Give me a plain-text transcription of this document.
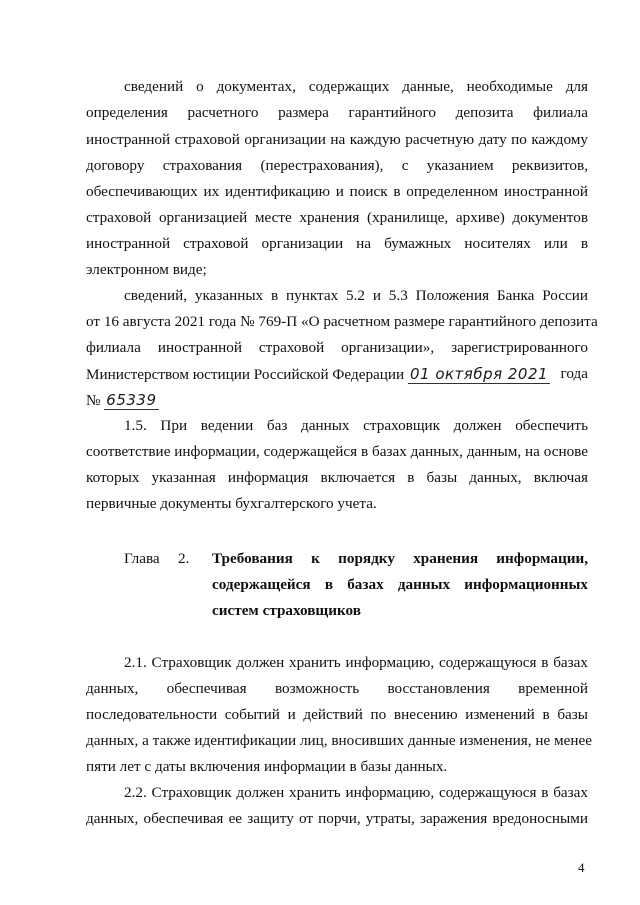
сведений о документах, содержащих данные, необходимые для
определения расчетного размера гарантийного депозита филиала
иностранной страховой организации на каждую расчетную дату по каждому
договору страхования (перестрахования), с указанием реквизитов,
обеспечивающих их идентификацию и поиск в определенном иностранной
страховой организацией месте хранения (хранилище, архиве) документов
иностранной страховой организации на бумажных носителях или в
электронном виде;
сведений, указанных в пунктах 5.2 и 5.3 Положения Банка России
от 16 августа 2021 года № 769-П «О расчетном размере гарантийного депозита
филиала иностранной страховой организации», зарегистрированного
Министерством юстиции Российской Федерации 01 октября 2021 года
№ 65339
1.5. При ведении баз данных страховщик должен обеспечить
соответствие информации, содержащейся в базах данных, данным, на основе
которых указанная информация включается в базы данных, включая
первичные документы бухгалтерского учета.
Глава 2. Требования к порядку хранения информации,
содержащейся в базах данных информационных
систем страховщиков
2.1. Страховщик должен хранить информацию, содержащуюся в базах
данных, обеспечивая возможность восстановления временной
последовательности событий и действий по внесению изменений в базы
данных, а также идентификации лиц, вносивших данные изменения, не менее
пяти лет с даты включения информации в базы данных.
2.2. Страховщик должен хранить информацию, содержащуюся в базах
данных, обеспечивая ее защиту от порчи, утраты, заражения вредоносными
4
